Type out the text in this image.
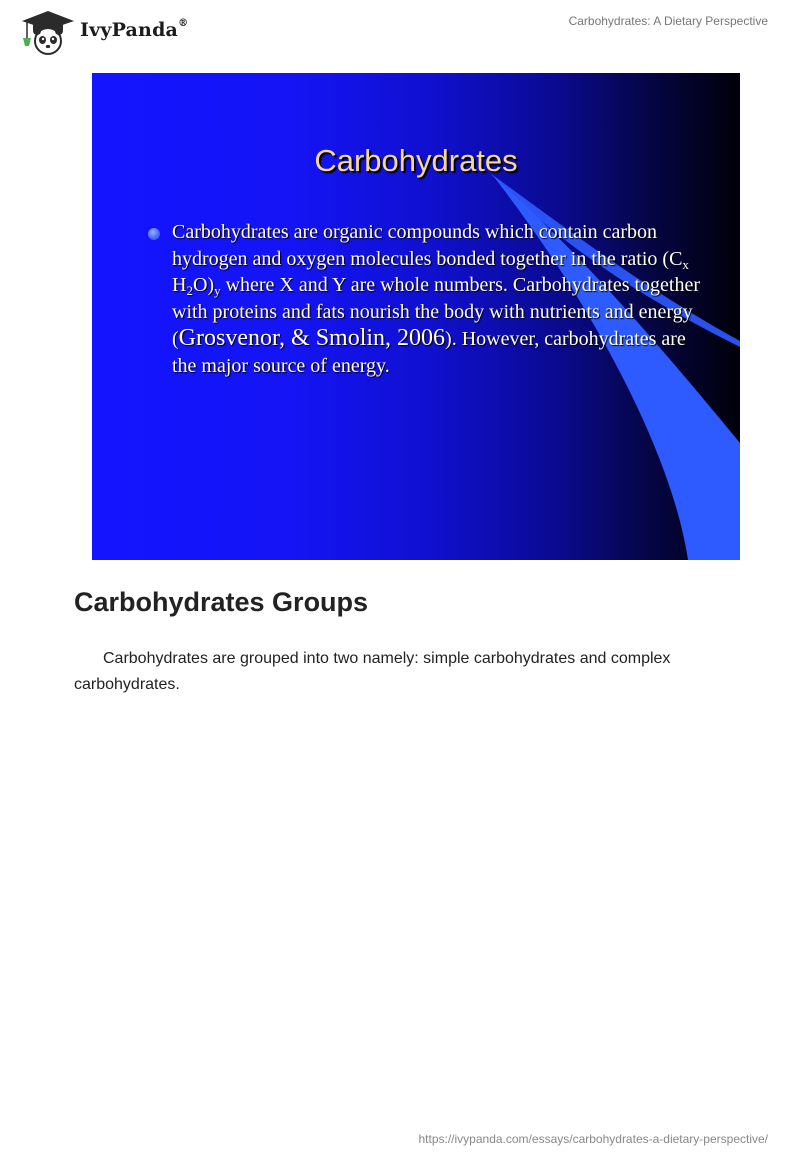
IvyPanda®	Carbohydrates: A Dietary Perspective
Carbohydrates
Carbohydrates are organic compounds which contain carbon hydrogen and oxygen molecules bonded together in the ratio ($C_x$ $H_2O)_y$ where X and Y are whole numbers. Carbohydrates together with proteins and fats nourish the body with nutrients and energy (Grosvenor, & Smolin, 2006). However, carbohydrates are the major source of energy.
Carbohydrates Groups

Carbohydrates are grouped into two namely: simple carbohydrates and complex carbohydrates.

https://ivypanda.com/essays/carbohydrates-a-dietary-perspective/
